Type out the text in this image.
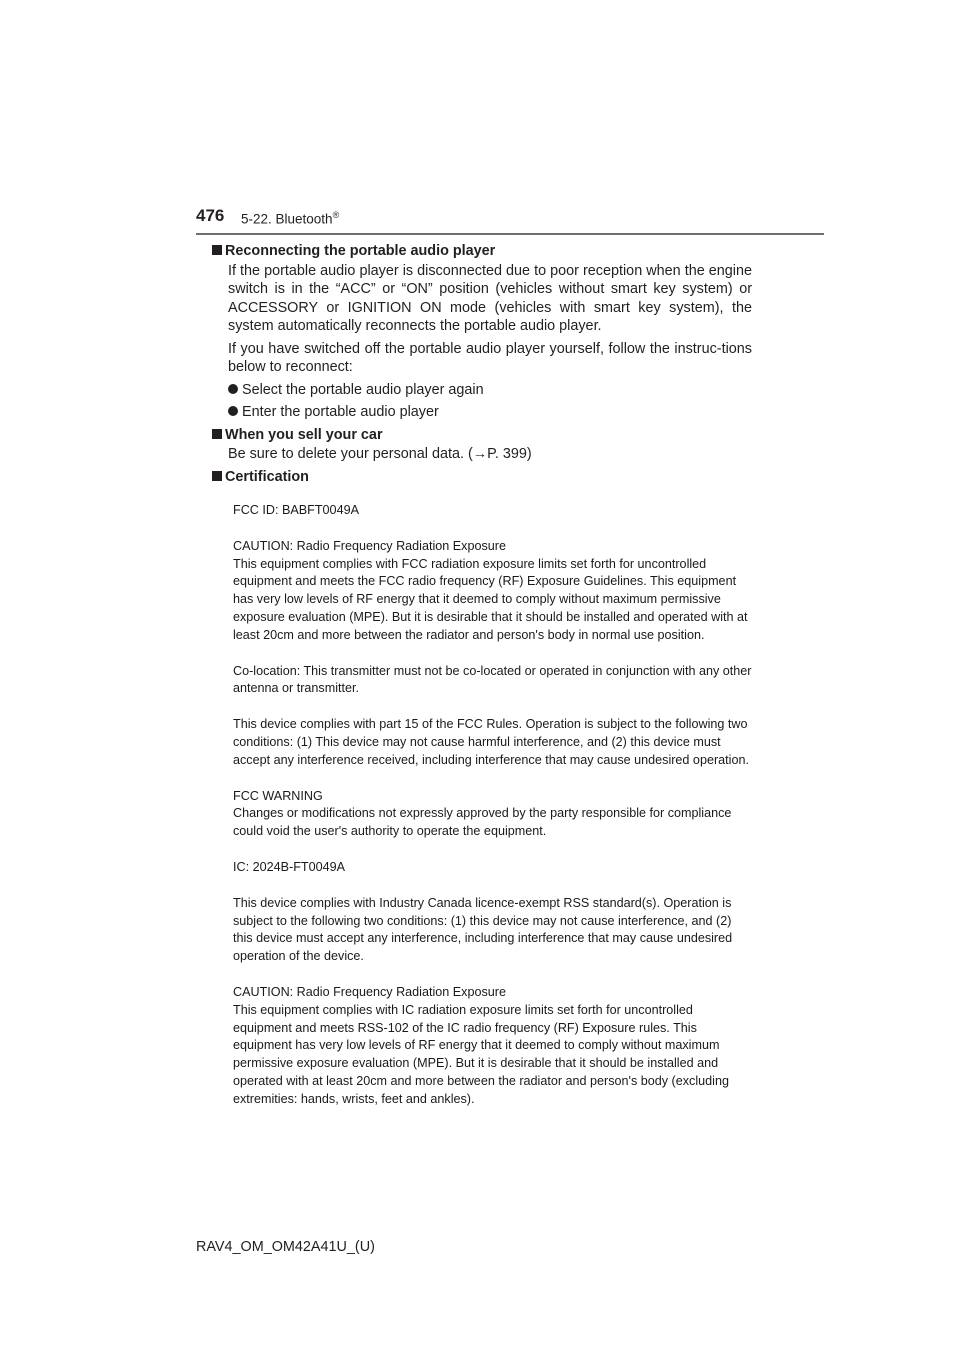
476 5-22. Bluetooth®

Reconnecting the portable audio player

If the portable audio player is disconnected due to poor reception when the engine switch is in the “ACC” or “ON” position (vehicles without smart key system) or ACCESSORY or IGNITION ON mode (vehicles with smart key system), the system automatically reconnects the portable audio player.

If you have switched off the portable audio player yourself, follow the instruc-tions below to reconnect:

Select the portable audio player again

Enter the portable audio player

When you sell your car

Be sure to delete your personal data. (→P. 399)

Certification

FCC ID: BABFT0049A

CAUTION: Radio Frequency Radiation Exposure
This equipment complies with FCC radiation exposure limits set forth for uncontrolled equipment and meets the FCC radio frequency (RF) Exposure Guidelines. This equipment has very low levels of RF energy that it deemed to comply without maximum permissive exposure evaluation (MPE). But it is desirable that it should be installed and operated with at least 20cm and more between the radiator and person's body in normal use position.

Co-location: This transmitter must not be co-located or operated in conjunction with any other antenna or transmitter.

This device complies with part 15 of the FCC Rules. Operation is subject to the following two conditions: (1) This device may not cause harmful interference, and (2) this device must accept any interference received, including interference that may cause undesired operation.

FCC WARNING
Changes or modifications not expressly approved by the party responsible for compliance could void the user's authority to operate the equipment.

IC: 2024B-FT0049A

This device complies with Industry Canada licence-exempt RSS standard(s). Operation is subject to the following two conditions: (1) this device may not cause interference, and (2) this device must accept any interference, including interference that may cause undesired operation of the device.

CAUTION: Radio Frequency Radiation Exposure
This equipment complies with IC radiation exposure limits set forth for uncontrolled equipment and meets RSS-102 of the IC radio frequency (RF) Exposure rules. This equipment has very low levels of RF energy that it deemed to comply without maximum permissive exposure evaluation (MPE). But it is desirable that it should be installed and operated with at least 20cm and more between the radiator and person's body (excluding extremities: hands, wrists, feet and ankles).

RAV4_OM_OM42A41U_(U)
